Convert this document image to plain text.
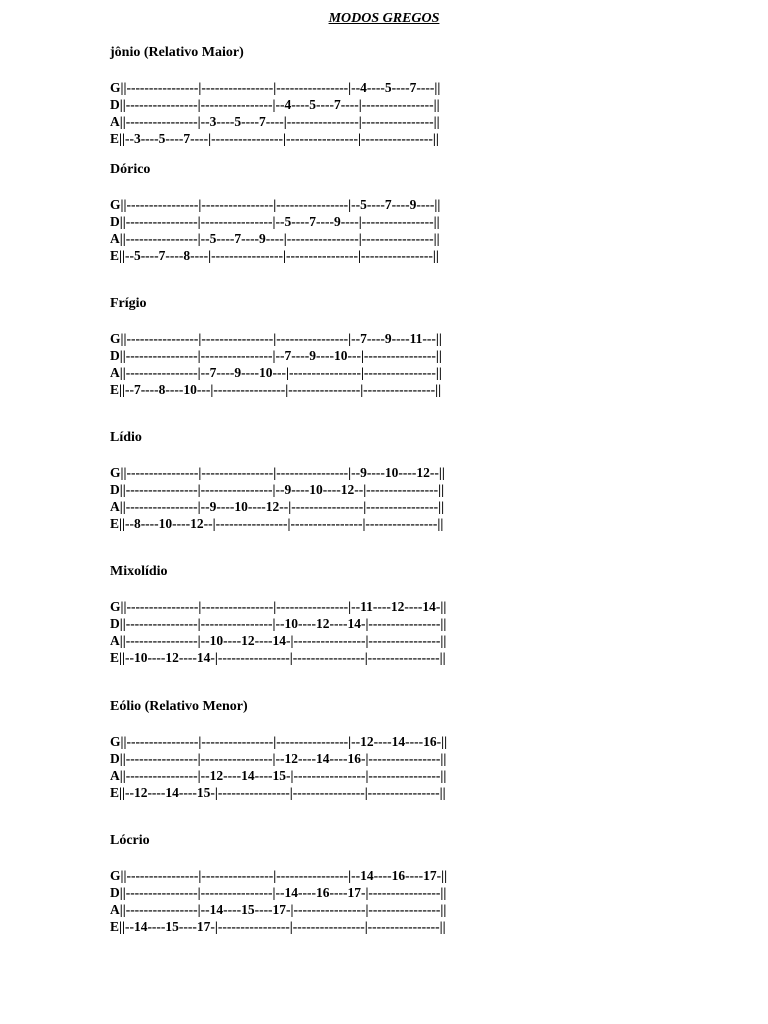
MODOS GREGOS
jônio (Relativo Maior)
G||----------------|----------------|----------------|--4----5----7----||
D||----------------|----------------|--4----5----7----|----------------||
A||----------------|--3----5----7----|----------------|----------------||
E||--3----5----7----|----------------|----------------|----------------||
Dórico
G||----------------|----------------|----------------|--5----7----9----||
D||----------------|----------------|--5----7----9----|----------------||
A||----------------|--5----7----9----|----------------|----------------||
E||--5----7----8----|----------------|----------------|----------------||
Frígio
G||----------------|----------------|----------------|--7----9----11---||
D||----------------|----------------|--7----9----10---|----------------||
A||----------------|--7----9----10---|----------------|----------------||
E||--7----8----10---|----------------|----------------|----------------||
Lídio
G||----------------|----------------|----------------|--9----10----12--||
D||----------------|----------------|--9----10----12--|----------------||
A||----------------|--9----10----12--|----------------|----------------||
E||--8----10----12--|----------------|----------------|----------------||
Mixolídio
G||----------------|----------------|----------------|--11----12----14-||
D||----------------|----------------|--10----12----14-|----------------||
A||----------------|--10----12----14-|----------------|----------------||
E||--10----12----14-|----------------|----------------|----------------||
Eólio (Relativo Menor)
G||----------------|----------------|----------------|--12----14----16-||
D||----------------|----------------|--12----14----16-|----------------||
A||----------------|--12----14----15-|----------------|----------------||
E||--12----14----15-|----------------|----------------|----------------||
Lócrio
G||----------------|----------------|----------------|--14----16----17-||
D||----------------|----------------|--14----16----17-|----------------||
A||----------------|--14----15----17-|----------------|----------------||
E||--14----15----17-|----------------|----------------|----------------||
